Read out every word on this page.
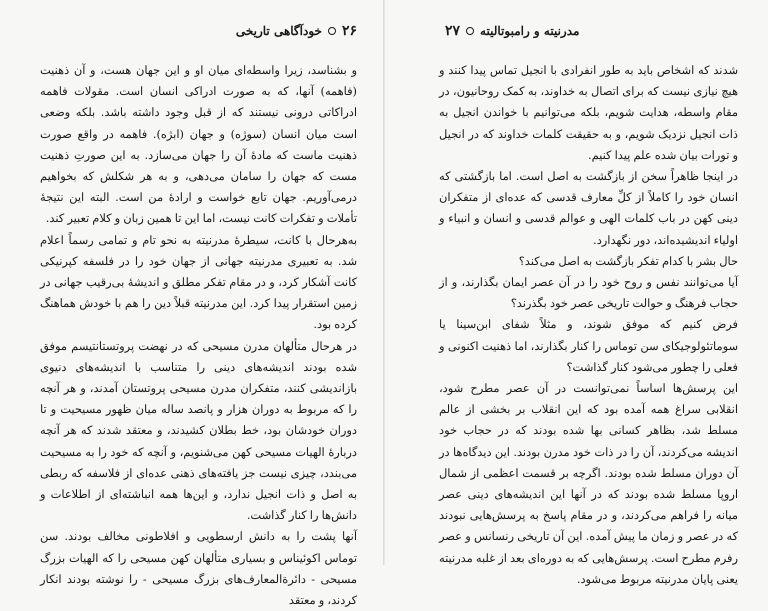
۲۶
خودآگاهی تاریخی

و بشناسد، زیرا واسطه‌ای میان او و این جهان هست، و آن ذهنیت (فاهمه) آنها، که به صورت ادراکی انسان است. مقولات فاهمه ادراکاتی درونی نیستند که از قبل وجود داشته باشد. بلکه وضعی است میان انسان (سوژه) و جهان (ابژه). فاهمه در واقع صورت ذهنیت ماست که مادهٔ آن را جهان می‌سازد. به این صورتِ ذهنیت مست که جهان را سامان می‌دهی، و به هر شکلش که بخواهیم درمی‌آوریم. جهان تابع خواست و ارادهٔ من است. البته این نتیجهٔ تأملات و تفکرات کانت نیست، اما این تا همین زبان و کلام تعبیر کند.

به‌هرحال با کانت، سیطرهٔ مدرنیته به نحو تام و تمامی رسماً اعلام شد. به تعبیری مدرنیته جهانی از جهان خود را در فلسفه کپرنیکی کانت آشکار کرد، و در مقام تفکر مطلق و اندیشهٔ بی‌رقیب جهانی در زمین استقرار پیدا کرد. این مدرنیته قبلاً دین را هم با خودش هماهنگ کرده بود.

در هرحال متألهان مدرن مسیحی که در نهضت پروتستانتیسم موفق شده بودند اندیشه‌های دینی را متناسب با اندیشه‌های دنیوی بازاندیشی کنند، متفکران مدرن مسیحی پروتستان آمدند، و هر آنچه را که مربوط به دوران هزار و پانصد ساله میان ظهور مسیحیت و تا دوران خودشان بود، خط بطلان کشیدند، و معتقد شدند که هر آنچه دربارهٔ الهیات مسیحی کهن می‌شنویم، و آنچه که خود را به مسیحیت می‌بندد، چیزی نیست جز یافته‌های ذهنی عده‌ای از فلاسفه که ربطی به اصل و ذات انجیل ندارد، و این‌ها همه انباشته‌ای از اطلاعات و دانش‌ها را کنار گذاشت.

آنها پشت را به دانش ارسطویی و افلاطونی مخالف بودند. سن توماس اکوئیناس و بسیاری متألهان کهن مسیحی را که الهیات بزرگ مسیحی - دائرة‌المعارف‌های بزرگ مسیحی - را نوشته بودند انکار کردند، و معتقد

مدرنیته و رامبوتالیته
۲۷

شدند که اشخاص باید به طور انفرادی با انجیل تماس پیدا کنند و هیچ نیازی نیست که برای اتصال به خداوند، به کمک روحانیون، در مقام واسطه، هدایت شویم، بلکه می‌توانیم با خواندن انجیل به ذات انجیل نزدیک شویم، و به حقیقت کلمات خداوند که در انجیل و تورات بیان شده علم پیدا کنیم.

در اینجا ظاهراً سخن از بازگشت به اصل است. اما بازگشتی که انسان خود را کاملاً از کلِّ معارف قدسی که عده‌ای از متفکران دینی کهن در باب کلمات الهی و عوالم قدسی و انسان و انبیاء و اولیاء اندیشیده‌اند، دور نگهدارد.

حال بشر با کدام تفکر بازگشت به اصل می‌کند؟

آیا می‌توانند نفس و روح خود را در آن عصر ایمان بگذارند، و از حجاب فرهنگ و حوالت تاریخی عصر خود بگذرند؟

فرض کنیم که موفق شوند، و مثلاً شفای ابن‌سینا یا سوماتئولوجیکای سن توماس را کنار بگذارند، اما ذهنیت اکنونی و فعلی را چطور می‌شود کنار گذاشت؟

این پرسش‌ها اساساً نمی‌توانست در آن عصر مطرح شود، انقلابی سراغ همه آمده بود که این انقلاب بر بخشی از عالم مسلط شد، بظاهر کسانی بها شده بودند که در حجاب خود اندیشه می‌کردند، آن را در ذات خود مدرن بودند. این دیدگاه‌ها در آن دوران مسلط شده بودند. اگرچه بر قسمت اعظمی از شمال اروپا مسلط شده بودند که در آنها این اندیشه‌های دینی عصر میانه را فراهم می‌کردند، و در مقام پاسخ به پرسش‌هایی نبودند که در عصر و زمان ما پیش آمده. این آن تاریخی رنسانس و عصر رفرم مطرح است. پرسش‌هایی که به دوره‌ای بعد از غلبه مدرنیته یعنی پایان مدرنیته مربوط می‌شود.
